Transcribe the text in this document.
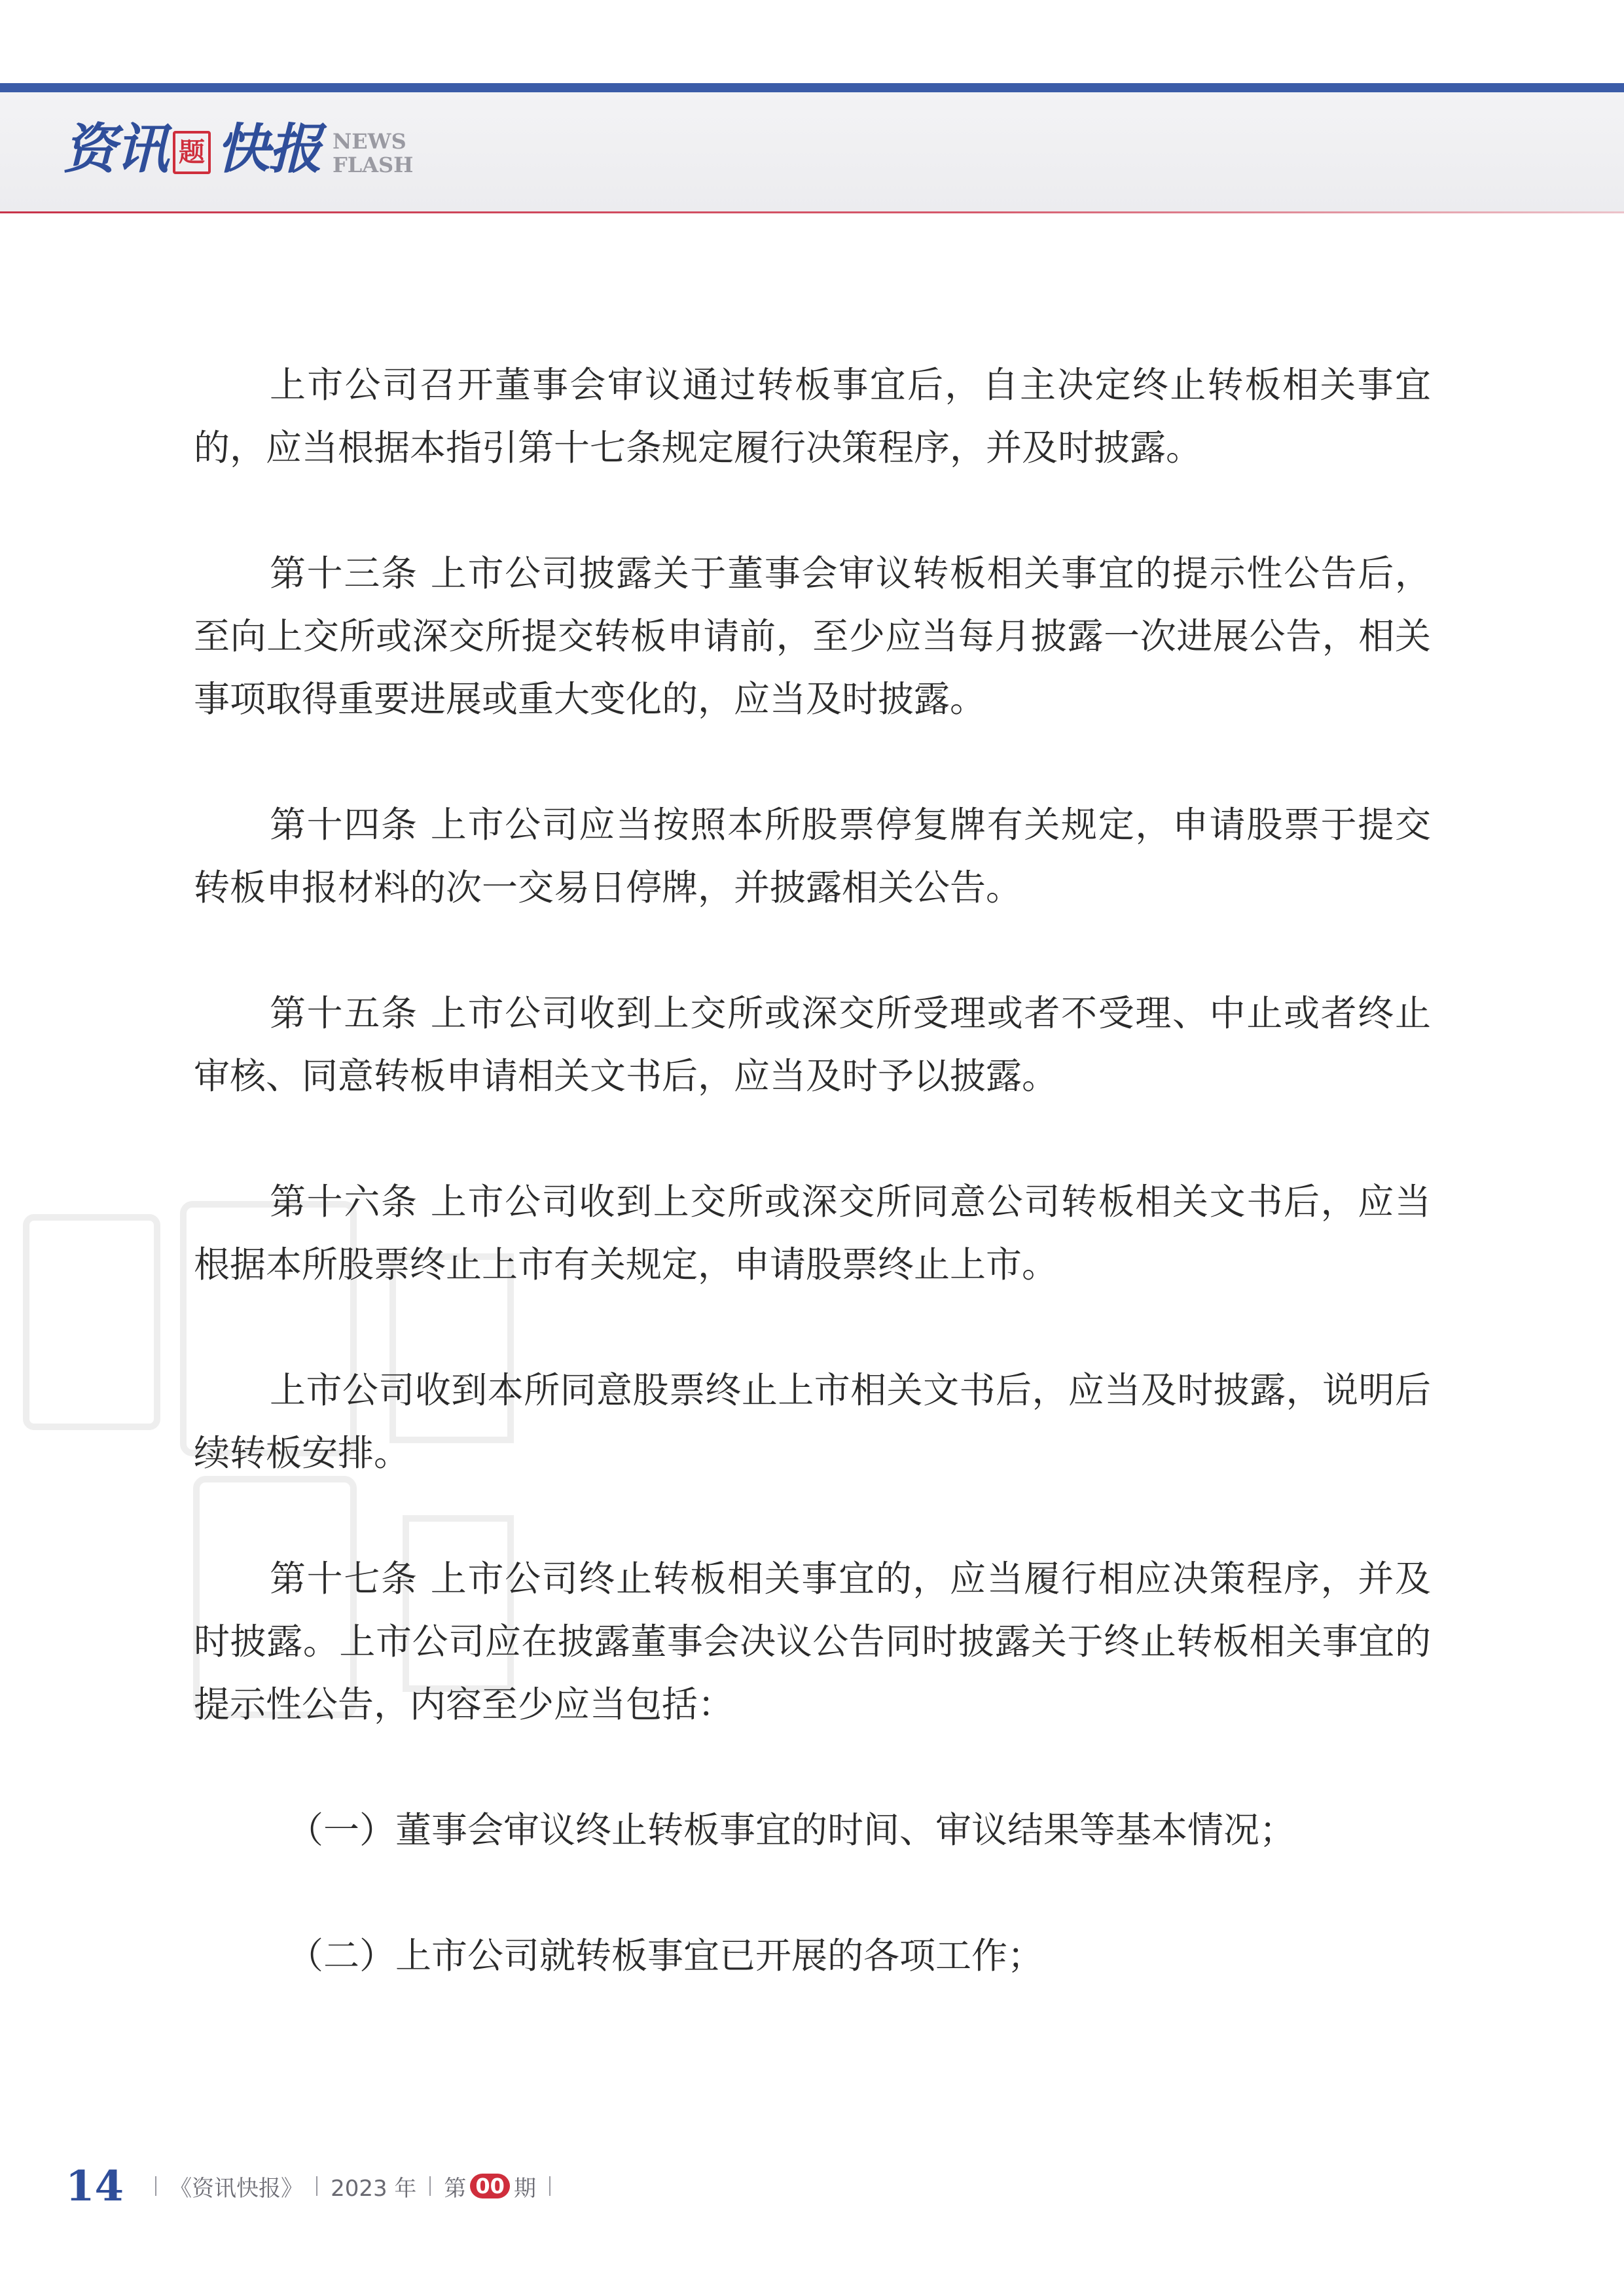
资讯 题 快报 NEWS
FLASH

上市公司召开董事会审议通过转板事宜后，自主决定终止转板相关事宜的，应当根据本指引第十七条规定履行决策程序，并及时披露。

第十三条 上市公司披露关于董事会审议转板相关事宜的提示性公告后，至向上交所或深交所提交转板申请前，至少应当每月披露一次进展公告，相关事项取得重要进展或重大变化的，应当及时披露。

第十四条 上市公司应当按照本所股票停复牌有关规定，申请股票于提交转板申报材料的次一交易日停牌，并披露相关公告。

第十五条 上市公司收到上交所或深交所受理或者不受理、中止或者终止审核、同意转板申请相关文书后，应当及时予以披露。

第十六条 上市公司收到上交所或深交所同意公司转板相关文书后，应当根据本所股票终止上市有关规定，申请股票终止上市。

上市公司收到本所同意股票终止上市相关文书后，应当及时披露，说明后续转板安排。

第十七条 上市公司终止转板相关事宜的，应当履行相应决策程序，并及时披露。上市公司应在披露董事会决议公告同时披露关于终止转板相关事宜的提示性公告，内容至少应当包括：

（一）董事会审议终止转板事宜的时间、审议结果等基本情况；

（二）上市公司就转板事宜已开展的各项工作；

14 《资讯快报》 2023 年 第 00 期
